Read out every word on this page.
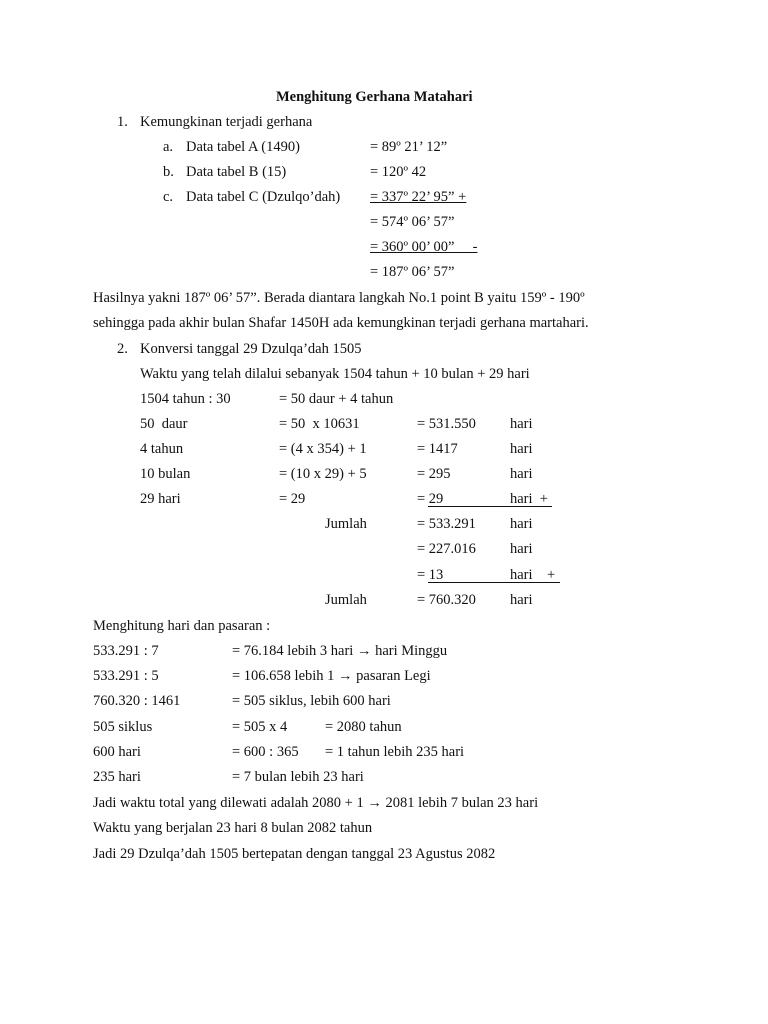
Menghitung Gerhana Matahari
1. Kemungkinan terjadi gerhana
a. Data tabel A (1490)	= 89º 21’ 12”
b. Data tabel B (15)	= 120º 42
c. Data tabel C (Dzulqo’dah) = 337º 22’ 95” +
= 574º 06’ 57”
= 360º 00’ 00”     -
= 187º 06’ 57”
Hasilnya yakni 187º 06’ 57”. Berada diantara langkah No.1 point B yaitu 159º - 190º
sehingga pada akhir bulan Shafar 1450H ada kemungkinan terjadi gerhana martahari.
2. Konversi tanggal 29 Dzulqa’dah 1505
Waktu yang telah dilalui sebanyak 1504 tahun + 10 bulan + 29 hari
1504 tahun : 30	= 50 daur + 4 tahun
50  daur	= 50  x 10631	= 531.550 hari
4 tahun	= (4 x 354) + 1	= 1417	hari
10 bulan	= (10 x 29) + 5	= 295	hari
29 hari	= 29	= 29	hari  +
Jumlah	= 533.291 hari
= 227.016 hari
= 13	hari    +
Jumlah	= 760.320 hari
Menghitung hari dan pasaran :
533.291 : 7	= 76.184 lebih 3 hari → hari Minggu
533.291 : 5	= 106.658 lebih 1 → pasaran Legi
760.320 : 1461	= 505 siklus, lebih 600 hari
505 siklus	= 505 x 4	= 2080 tahun
600 hari	= 600 : 365 = 1 tahun lebih 235 hari
235 hari	= 7 bulan lebih 23 hari
Jadi waktu total yang dilewati adalah 2080 + 1 → 2081 lebih 7 bulan 23 hari
Waktu yang berjalan 23 hari 8 bulan 2082 tahun
Jadi 29 Dzulqa’dah 1505 bertepatan dengan tanggal 23 Agustus 2082
